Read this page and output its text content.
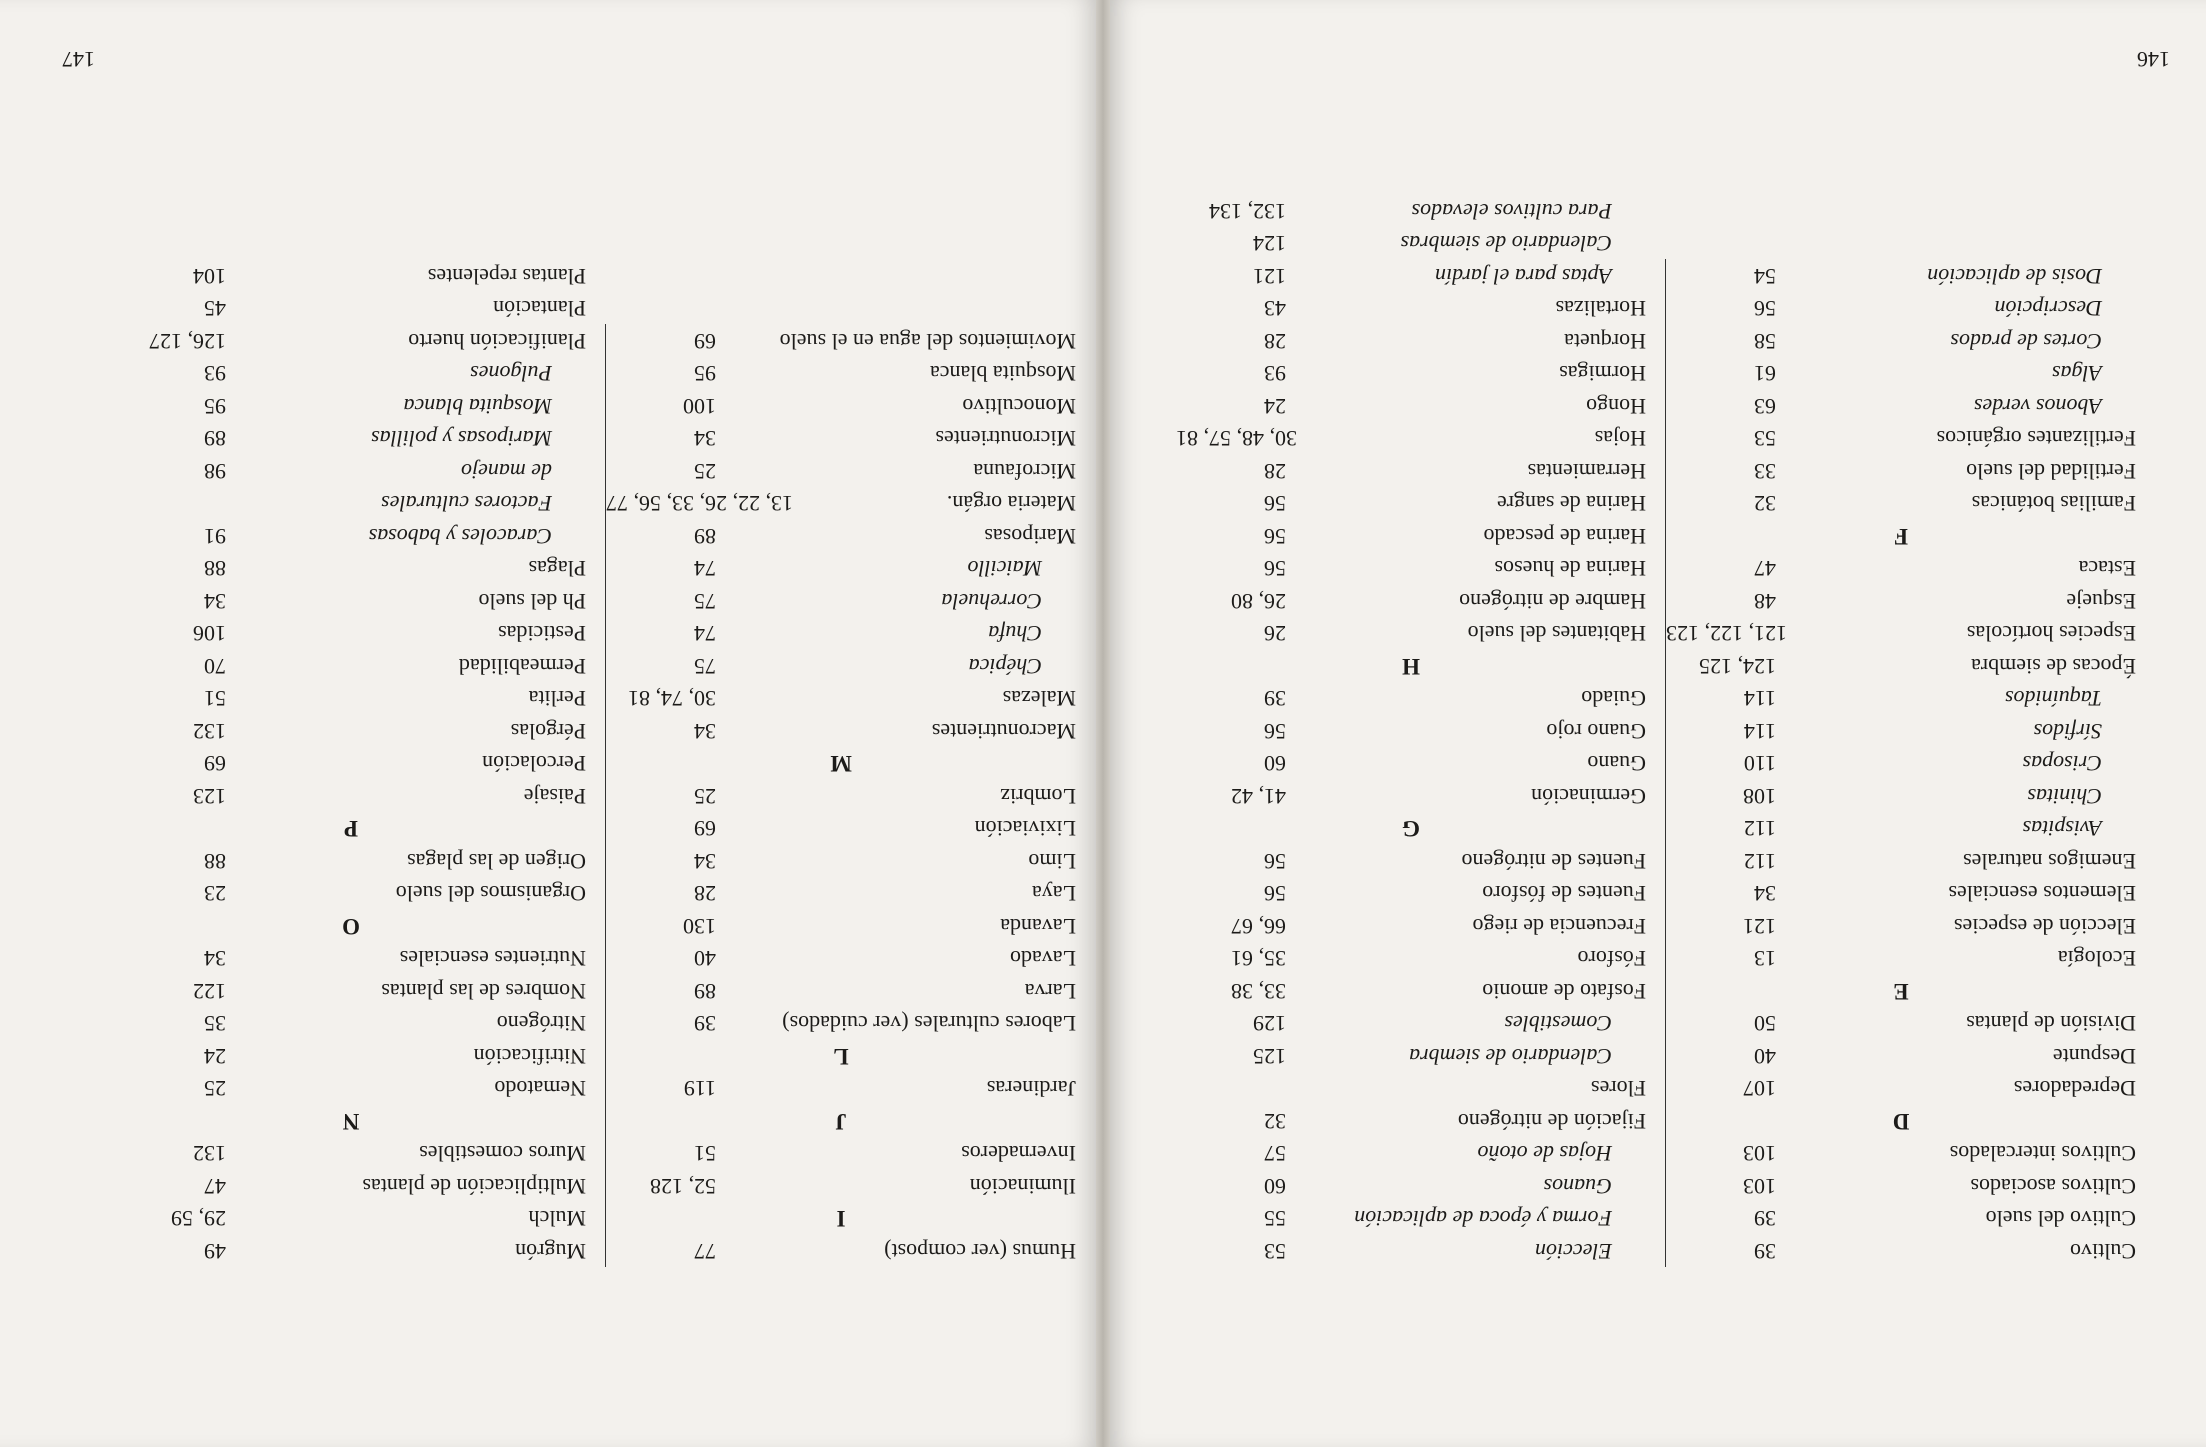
Cultivo
39
Cultivo del suelo
39
Cultivos asociados
103
Cultivos intercalados
103
D
Depredadores
107
Despunte
40
División de plantas
50
E
Ecología
13
Elección de especies
121
Elementos esenciales
34
Enemigos naturales
112
Avispitas
112
Chinitas
108
Crisopas
110
Sírfidos
114
Taquínidos
114
Épocas de siembra
124, 125
Especies hortícolas
121, 122, 123
Esqueje
48
Estaca
47
F
Familias botánicas
32
Fertilidad del suelo
33
Fertilizantes orgánicos
53
Abonos verdes
63
Algas
61
Cortes de prados
58
Descripción
56
Dosis de aplicación
54
Elección
53
Forma y época de aplicación
55
Guanos
60
Hojas de otoño
57
Fijación de nitrógeno
32
Flores
Calendario de siembra
125
Comestibles
129
Fosfato de amonio
33, 38
Fósforo
35, 61
Frecuencia de riego
66, 67
Fuentes de fósforo
56
Fuentes de nitrógeno
56
G
Germinación
41, 42
Guano
60
Guano rojo
56
Guiado
39
H
Habitantes del suelo
26
Hambre de nitrógeno
26, 80
Harina de huesos
56
Harina de pescado
56
Harina de sangre
56
Herramientas
28
Hojas
30, 48, 57, 81
Hongo
24
Hormigas
93
Horqueta
28
Hortalizas
43
Aptas para el jardín
121
Calendario de siembras
124
Para cultivos elevados
132, 134
146
Humus (ver compost)
77
I
Iluminación
52, 128
Invernaderos
51
J
Jardineras
119
L
Labores culturales (ver cuidados)
39
Larva
89
Lavado
40
Lavanda
130
Laya
28
Limo
34
Lixiviación
69
Lombriz
25
M
Macronutrientes
34
Malezas
30, 74, 81
Chépica
75
Chufa
74
Correhuela
75
Maicillo
74
Mariposas
89
Materia orgán.
13, 22, 26, 33, 56, 77
Microfauna
25
Micronutrientes
34
Monocultivo
100
Mosquita blanca
95
Movimientos del agua en el suelo
69
Mugrón
49
Mulch
29, 59
Multiplicación de plantas
47
Muros comestibles
132
N
Nematodo
25
Nitrificación
24
Nitrógeno
35
Nombres de las plantas
122
Nutrientes esenciales
34
O
Organismos del suelo
23
Origen de las plagas
88
P
Paisaje
123
Percolación
69
Pérgolas
132
Perlita
51
Permeabilidad
70
Pesticidas
106
Ph del suelo
34
Plagas
88
Caracoles y babosas
91
Factores culturales
de manejo
98
Mariposas y polillas
89
Mosquita blanca
95
Pulgones
93
Planificación huerto
126, 127
Plantación
45
Plantas repelentes
104
147
